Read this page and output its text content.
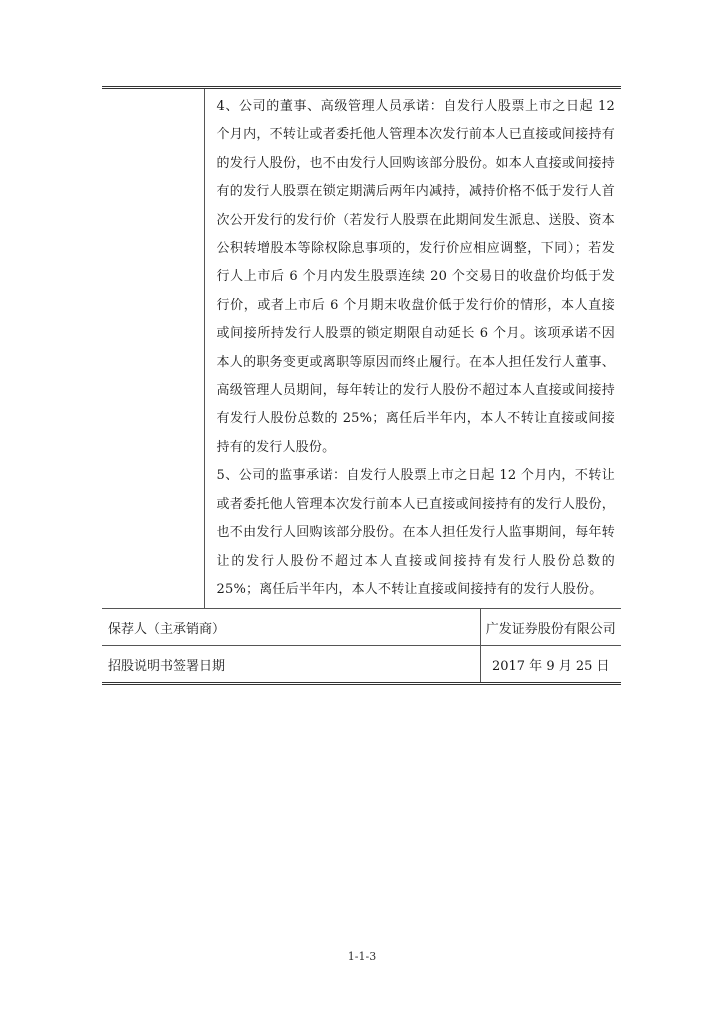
	4、公司的董事、高级管理人员承诺：自发行人股票上市之日起 12 个月内，不转让或者委托他人管理本次发行前本人已直接或间接持有的发行人股份，也不由发行人回购该部分股份。如本人直接或间接持有的发行人股票在锁定期满后两年内减持，减持价格不低于发行人首次公开发行的发行价（若发行人股票在此期间发生派息、送股、资本公积转增股本等除权除息事项的，发行价应相应调整，下同）；若发行人上市后 6 个月内发生股票连续 20 个交易日的收盘价均低于发行价，或者上市后 6 个月期末收盘价低于发行价的情形，本人直接或间接所持发行人股票的锁定期限自动延长 6 个月。该项承诺不因本人的职务变更或离职等原因而终止履行。在本人担任发行人董事、高级管理人员期间，每年转让的发行人股份不超过本人直接或间接持有发行人股份总数的 25%；离任后半年内，本人不转让直接或间接持有的发行人股份。

5、公司的监事承诺：自发行人股票上市之日起 12 个月内，不转让或者委托他人管理本次发行前本人已直接或间接持有的发行人股份，也不由发行人回购该部分股份。在本人担任发行人监事期间，每年转让的发行人股份不超过本人直接或间接持有发行人股份总数的 25%；离任后半年内，本人不转让直接或间接持有的发行人股份。	

保荐人（主承销商）		广发证券股份有限公司
招股说明书签署日期		2017 年 9 月 25 日
1-1-3
